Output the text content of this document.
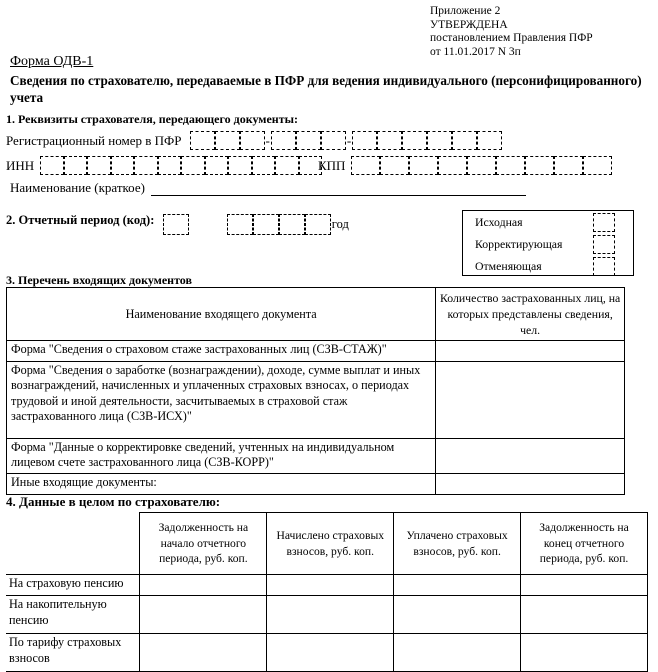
Приложение 2
УТВЕРЖДЕНА
постановлением Правления ПФР
от 11.01.2017 N 3п
Форма ОДВ-1
Сведения по страхователю, передаваемые в ПФР для ведения индивидуального (персонифицированного) учета
1. Реквизиты страхователя, передающего документы:
Регистрационный номер в ПФР	-	-
ИНН	КПП
Наименование (краткое)
2. Отчетный период (код):	год	Исходная
Корректирующая
Отменяющая
3. Перечень входящих документов
Наименование входящего документа	Количество застрахованных лиц, на которых представлены сведения, чел.
Форма "Сведения о страховом стаже застрахованных лиц (СЗВ-СТАЖ)"	
Форма "Сведения о заработке (вознаграждении), доходе, сумме выплат и иных вознаграждений, начисленных и уплаченных страховых взносах, о периодах трудовой и иной деятельности, засчитываемых в страховой стаж застрахованного лица (СЗВ-ИСХ)"	
Форма "Данные о корректировке сведений, учтенных на индивидуальном лицевом счете застрахованного лица (СЗВ-КОРР)"	
Иные входящие документы:	
4. Данные в целом по страхователю:
	Задолженность на начало отчетного периода, руб. коп.	Начислено страховых взносов, руб. коп.	Уплачено страховых взносов, руб. коп.	Задолженность на конец отчетного периода, руб. коп.
На страховую пенсию				
На накопительную пенсию				
По тарифу страховых взносов				
